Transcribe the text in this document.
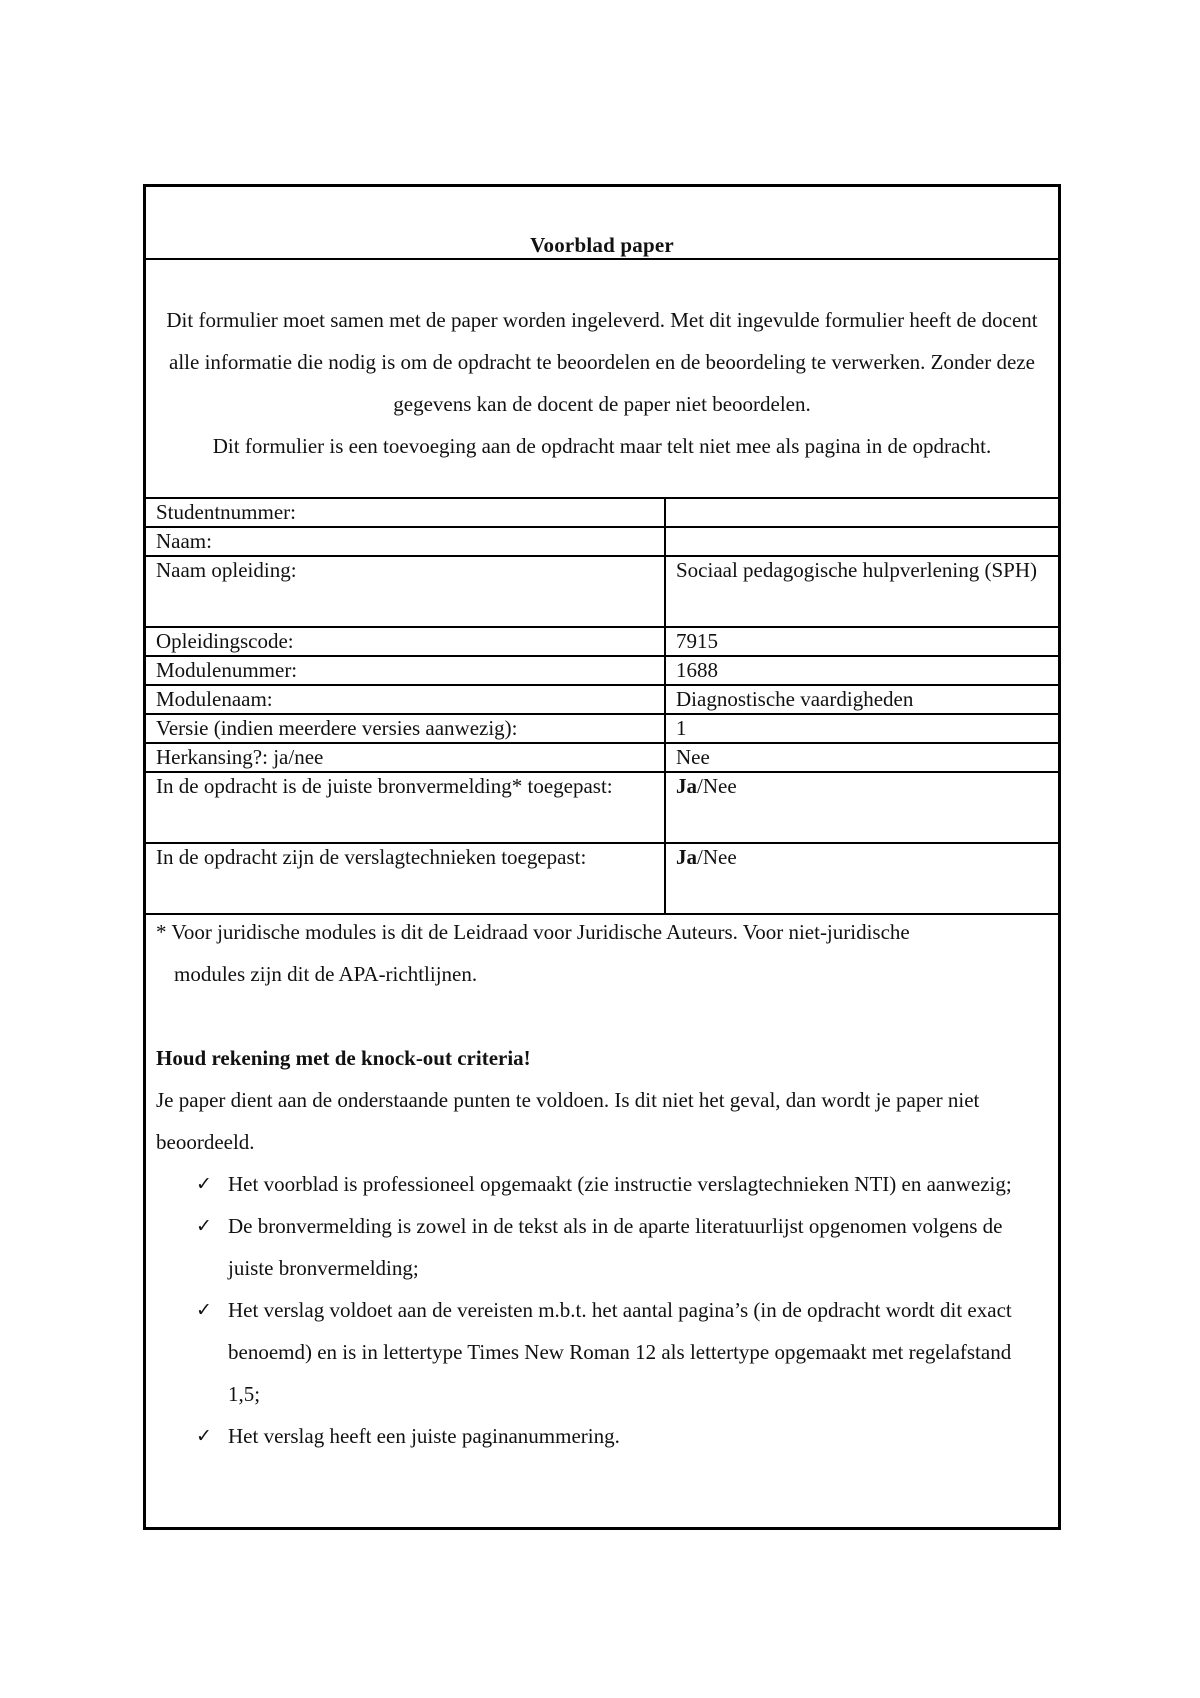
Voorblad paper
Dit formulier moet samen met de paper worden ingeleverd. Met dit ingevulde formulier heeft de docent alle informatie die nodig is om de opdracht te beoordelen en de beoordeling te verwerken. Zonder deze gegevens kan de docent de paper niet beoordelen.
Dit formulier is een toevoeging aan de opdracht maar telt niet mee als pagina in de opdracht.
Studentnummer:
Naam:
Naam opleiding:	Sociaal pedagogische hulpverlening (SPH)
Opleidingscode:	7915
Modulenummer:	1688
Modulenaam:	Diagnostische vaardigheden
Versie (indien meerdere versies aanwezig):	1
Herkansing?: ja/nee	Nee
In de opdracht is de juiste bronvermelding* toegepast:	Ja/Nee
In de opdracht zijn de verslagtechnieken toegepast:	Ja/Nee
* Voor juridische modules is dit de Leidraad voor Juridische Auteurs. Voor niet-juridische
modules zijn dit de APA-richtlijnen.
Houd rekening met de knock-out criteria!
Je paper dient aan de onderstaande punten te voldoen. Is dit niet het geval, dan wordt je paper niet beoordeeld.
✓ Het voorblad is professioneel opgemaakt (zie instructie verslagtechnieken NTI) en aanwezig;
✓ De bronvermelding is zowel in de tekst als in de aparte literatuurlijst opgenomen volgens de juiste bronvermelding;
✓ Het verslag voldoet aan de vereisten m.b.t. het aantal pagina’s (in de opdracht wordt dit exact benoemd) en is in lettertype Times New Roman 12 als lettertype opgemaakt met regelafstand 1,5;
✓ Het verslag heeft een juiste paginanummering.
